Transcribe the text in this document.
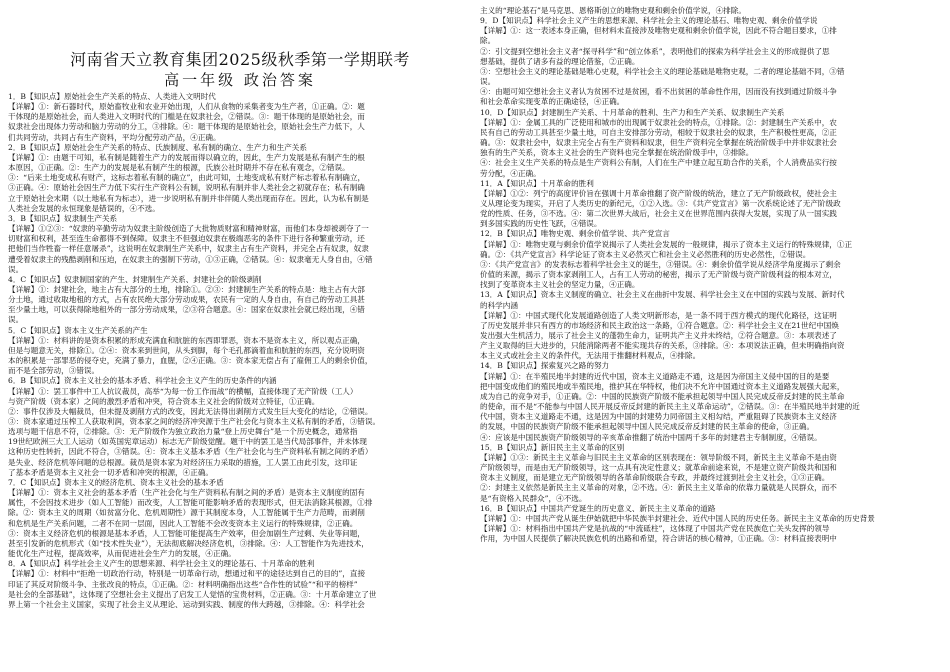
河南省天立教育集团2025级秋季第一学期联考
高一年级 政治答案
1．B【知识点】原始社会生产关系的特点、人类进入文明时代
【详解】①：新石器时代，原始畜牧业和农业开始出现，人们从食物的采集者变为生产者，①正确。②：题
干体现的是原始社会，而人类进入文明时代的门槛是在奴隶社会，②错误。③：题干体现的是原始社会，而
奴隶社会出现体力劳动和脑力劳动的分工，③排除。④：题干体现的是原始社会，原始社会生产力低下，人
们共同劳动，共同占有生产资料，平均分配劳动产品，④正确。
2．B【知识点】原始社会生产关系的特点、氏族制度、私有制的确立、生产力和生产关系
【详解】①：由题干可知，私有制是随着生产力的发展而得以确立的，因此，生产力发展是私有制产生的根
本原因，①正确。②：生产力的发展是私有制产生的根源，氏族公社时期并不存在私有观念，②错误。
③：“后来土地变成私有财产，这标志着私有制的确立”，由此可知，土地变成私有财产标志着私有制确立，
③正确。④：原始社会因生产力低下实行生产资料公有制，说明私有制并非人类社会之初就存在；私有制确
立于原始社会末期（以土地私有为标志），进一步说明私有制并非伴随人类出现而存在。因此，认为私有制是
人类社会发展的永恒现象是错误的，④不选。
3．B【知识点】奴隶制生产关系
【详解】①②③：“奴隶的辛勤劳动为奴隶主阶级创造了大批物质财富和精神财富，而他们本身却被剥夺了一
切财富和权利，甚至连生命都得不到保障。奴隶主不但强迫奴隶在极端恶劣的条件下进行各种繁重劳动，还
把他们当作牲畜一样任意屠杀”，这说明在奴隶制生产关系中，奴隶主占有生产资料，并完全占有奴隶，奴隶
遭受着奴隶主的残酷剥削和压迫，在奴隶主的强制下劳动，①③正确，②错误。④：奴隶毫无人身自由，④错
误。
4．C【知识点】奴隶制国家的产生、封建制生产关系、封建社会的阶级剥削
【详解】①：封建社会，地主占有大部分的土地，排除①。②③：封建制生产关系的特点是：地主占有大部
分土地，通过收取地租的方式，占有农民绝大部分劳动成果，农民有一定的人身自由，有自己的劳动工具甚
至少量土地，可以获得除地租外的一部分劳动成果，②③符合题意。④：国家在奴隶社会就已经出现，④错
误。
5．C【知识点】资本主义生产关系的产生
【详解】①：材料讲的是资本积累的形成充满血和肮脏的东西即罪恶，资本不是资本主义，所以观点正确，
但是与题意无关，排除①。②④：资本来到世间，从头到脚，每个毛孔都滴着血和肮脏的东西，充分说明资
本的积累是一部罪恶的侵夺史，充满了暴力，血腥，②④正确。③：资本家无偿占有了雇佣工人的剩余价值，
而不是全部劳动，③错误。
6．B【知识点】资本主义社会的基本矛盾、科学社会主义产生的历史条件的内涵
【详解】①：罢工事件中工人抗议裁员，高举“为每一份工作而战”的横幅，直接体现了无产阶级（工人）
与资产阶级（资本家）之间的激烈矛盾和冲突，符合资本主义社会的阶级对立特征，①正确。
②：事件仅涉及大幅裁员，但未提及剥削方式的改变，因此无法得出剥削方式发生巨大变化的结论，②错误。
③：资本家通过压榨工人获取利润，资本家之间的经济冲突源于生产社会化与资本主义私有制的矛盾，③错误。
选项与题干信息不符，②排除。③：无产阶级作为独立政治力量“登上历史舞台”是一个历史概念，通常指
19世纪欧洲三大工人运动（如英国宪章运动）标志无产阶级觉醒。题干中的罢工是当代局部事件，并未体现
这种历史性转折，因此不符合，③错误。④：资本主义基本矛盾（生产社会化与生产资料私有制之间的矛盾）
是失业、经济危机等问题的总根源。裁员是资本家为对经济压力采取的措施，工人罢工由此引发，这印证
了基本矛盾是资本主义社会一切矛盾和冲突的根源，④正确。
7．C【知识点】资本主义的经济危机、资本主义社会的基本矛盾
【详解】①：资本主义社会的基本矛盾（生产社会化与生产资料私有制之间的矛盾）是资本主义制度的固有
属性，不会因技术进步（如人工智能）而改变，人工智能可能影响矛盾的表现形式，但无法消除其根源，①排
除。②：资本主义的周期（如贫富分化、危机周期性）源于其制度本身，人工智能属于生产力范畴，而剥削
和危机是生产关系问题，二者不在同一层面，因此人工智能不会改变资本主义运行的特殊规律，②正确。
③：资本主义经济危机的根源是基本矛盾，人工智能可能提高生产效率，但会加剧生产过剩、失业等问题，
甚至引发新的危机形式（如“技术性失业”），无法彻底解决经济危机，③排除。④：人工智能作为先进技术，
能优化生产过程，提高效率，从而促进社会生产力的发展，④正确。
8．A【知识点】科学社会主义产生的思想来源、科学社会主义的理论基石、十月革命的胜利
【详解】①：材料中“拒绝一切政治行动，特别是一切革命行动，想通过和平的途径达到自己的目的”，直接
印证了其反对阶级斗争、主张改良的特点，①正确。②：材料明确指出这些“合作性的试验”“和平的榜样”
是社会的全部基础”，这体现了空想社会主义提出了启发工人觉悟的宝贵材料，②正确。③：十月革命建立了世
界上第一个社会主义国家，实现了社会主义从理论、运动到实践、制度的伟大跨越，③排除。④：科学社会
主义的“理论基石”是马克思、恩格斯创立的唯物史观和剩余价值学说，④排除。
9．D【知识点】科学社会主义产生的思想来源、科学社会主义的理论基石、唯物史观、剩余价值学说
【详解】①：这一表述本身正确，但材料未直接涉及唯物史观和剩余价值学说，因此不符合题目要求，①排
除。
②：引文提到空想社会主义者“探寻科学”和“创立体系”，表明他们的探索为科学社会主义的形成提供了思
想基础，提供了诸多有益的理论借鉴，②正确。
③：空想社会主义的理论基础是唯心史观，科学社会主义的理论基础是唯物史观，二者的理论基础不同，③错
误。
④：由题可知空想社会主义者认为贫困不过是贫困，看不出贫困的革命性作用，因而没有找到通过阶级斗争
和社会革命实现变革的正确途径，④正确。
10．D【知识点】封建制生产关系、十月革命的胜利、生产力和生产关系、奴隶制生产关系
【详解】①：金属工具的广泛使用和城市的出现属于奴隶社会的特点，①排除。②：封建制生产关系中，农
民有自己的劳动工具甚至少量土地，可自主安排部分劳动，相较于奴隶社会的奴隶，生产积极性更高，②正
确。③：奴隶社会中，奴隶主完全占有生产资料和奴隶，但生产资料完全掌握在统治阶级手中并非奴隶社会
独有的生产关系，资本主义社会的生产资料也完全掌握在统治阶级手中，③排除。
④：社会主义生产关系的特点是生产资料公有制，人们在生产中建立起互助合作的关系，个人消费品实行按
劳分配，④正确。
11．A【知识点】十月革命的胜利
【详解】①②：列宁的高度评价旨在强调十月革命推翻了资产阶级的统治，建立了无产阶级政权，使社会主
义从理论变为现实，开启了人类历史的新纪元，①②入选。③：《共产党宣言》第一次系统论述了无产阶级政
党的性质、任务，③不选。④：第二次世界大战后，社会主义在世界范围内获得大发展，实现了从一国实践
到多国实践的历史性飞跃，④错误。
12．B【知识点】唯物史观、剩余价值学说、共产党宣言
【详解】①：唯物史观与剩余价值学说揭示了人类社会发展的一般规律，揭示了资本主义运行的特殊规律，①正
确。②：《共产党宣言》科学论证了资本主义必然灭亡和社会主义必然胜利的历史必然性，②错误。
③：《共产党宣言》的发表标志着科学社会主义的诞生，③错误。④：剩余价值学说从经济学角度揭示了剩余
价值的来源，揭示了资本家剥削工人，占有工人劳动的秘密，揭示了无产阶级与资产阶级利益的根本对立，
找到了变革资本主义社会的坚定力量，④正确。
13．A【知识点】资本主义制度的确立、社会主义在曲折中发展、科学社会主义在中国的实践与发展、新时代
的科学内涵
【详解】①：中国式现代化发展道路创造了人类文明新形态，是一条不同于西方模式的现代化路径，这证明
了历史发展并非只有西方的市场经济和民主政治这一条路，①符合题意。②：科学社会主义在21世纪中国焕
发出强大生机活力，展示了社会主义的蓬勃生命力，证明共产主义并未终结，②符合题意。③：本项表述了
产主义取得的巨大进步的，只能消除两者不能实现共存的关系，③排除。④：本项说法正确，但未明确指向资
本主义式或社会主义的条件代，无法用于推翻材料观点，④排除。
14．B【知识点】探索复兴之路的努力
【详解】①：在半殖民地半封建的近代中国，资本主义道路走不通，这是因为帝国主义侵中国的目的是要
把中国变成他们的殖民地或半殖民地，推护其在华特权，他们决不允许中国通过资本主义道路发展强大起来，
成为自己的竞争对手，①正确。②：中国的民族资产阶级不能承担起领导中国人民完成反帝反封建的民主革命
的使命，而不是“不能参与中国人民开展反帝反封建的新民主主义革命运动”，②错误。③：在半殖民地半封建的近
代中国，资本主义道路走不通，这是因为中国的封建势力同帝国主义相勾结，严重阻碍了民族资本主义经济
的发展，中国的民族资产阶级不能承担起领导中国人民完成反帝反封建的民主革命的使命，③正确。
④：应该是中国民族资产阶级领导的辛亥革命推翻了统治中国两千多年的封建君主专制制度，④错误。
15．B【知识点】新旧民主主义革命的区别
【详解】①③：新民主主义革命与旧民主主义革命的区别表现在：领导阶级不同，新民主主义革命不是由资
产阶级领导，而是由无产阶级领导，这一点具有决定性意义；就革命前途来说，不是建立资产阶级共和国和
资本主义制度，而是建立无产阶级领导的各革命阶级联合专政，并最终过渡到社会主义社会，①③正确。
②：封建主义依然是新民主主义革命的对象，②不选。④：新民主主义革命的依靠力量就是人民群众，而不
是“有资格入民群众”，④不选。
16．B【知识点】中国共产党诞生的历史意义、新民主主义革命的道路
【详解】①：中国共产党从诞生伊始就把中华民族半封建社会、近代中国人民的历史任务。新民主主义革命的历史背景
【详解】①：材料指出中国共产党是抗战的“中流砥柱”，这体现了中国共产党在民族危亡关头发挥的领导
作用，为中国人民提供了解决民族危机的出路和希望，符合讲话的核心精神，①正确。③：材料直接表明中
